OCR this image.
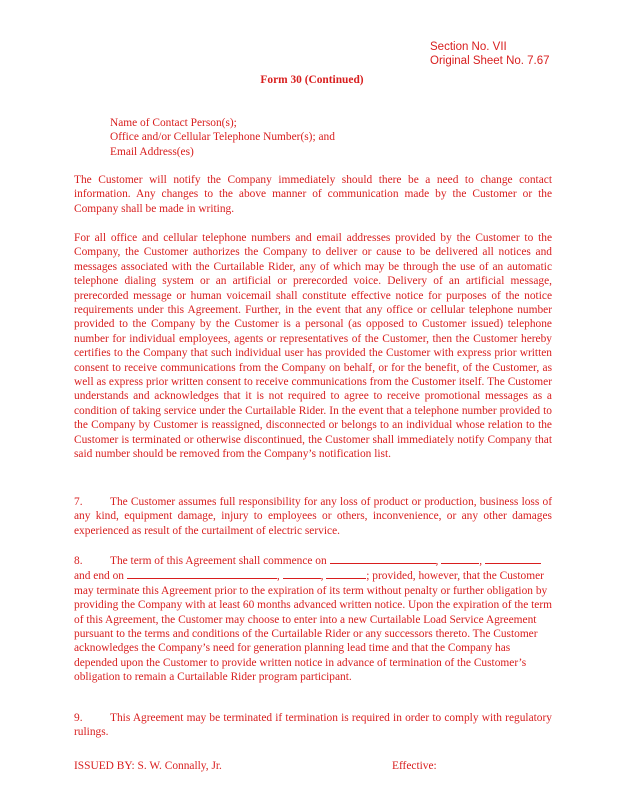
Section No. VII
Original Sheet No. 7.67
Form 30 (Continued)
Name of Contact Person(s);
Office and/or Cellular Telephone Number(s); and
Email Address(es)
The Customer will notify the Company immediately should there be a need to change contact information. Any changes to the above manner of communication made by the Customer or the Company shall be made in writing.
For all office and cellular telephone numbers and email addresses provided by the Customer to the Company, the Customer authorizes the Company to deliver or cause to be delivered all notices and messages associated with the Curtailable Rider, any of which may be through the use of an automatic telephone dialing system or an artificial or prerecorded voice. Delivery of an artificial message, prerecorded message or human voicemail shall constitute effective notice for purposes of the notice requirements under this Agreement. Further, in the event that any office or cellular telephone number provided to the Company by the Customer is a personal (as opposed to Customer issued) telephone number for individual employees, agents or representatives of the Customer, then the Customer hereby certifies to the Company that such individual user has provided the Customer with express prior written consent to receive communications from the Company on behalf, or for the benefit, of the Customer, as well as express prior written consent to receive communications from the Customer itself. The Customer understands and acknowledges that it is not required to agree to receive promotional messages as a condition of taking service under the Curtailable Rider. In the event that a telephone number provided to the Company by Customer is reassigned, disconnected or belongs to an individual whose relation to the Customer is terminated or otherwise discontinued, the Customer shall immediately notify Company that said number should be removed from the Company’s notification list.
7. The Customer assumes full responsibility for any loss of product or production, business loss of any kind, equipment damage, injury to employees or others, inconvenience, or any other damages experienced as result of the curtailment of electric service.
8. The term of this Agreement shall commence on	,	,
and end on	,	,	; provided, however, that the Customer
may terminate this Agreement prior to the expiration of its term without penalty or further obligation by providing the Company with at least 60 months advanced written notice. Upon the expiration of the term of this Agreement, the Customer may choose to enter into a new Curtailable Load Service Agreement pursuant to the terms and conditions of the Curtailable Rider or any successors thereto. The Customer acknowledges the Company’s need for generation planning lead time and that the Company has depended upon the Customer to provide written notice in advance of termination of the Customer’s obligation to remain a Curtailable Rider program participant.
9. This Agreement may be terminated if termination is required in order to comply with regulatory rulings.
ISSUED BY: S. W. Connally, Jr.	Effective:
